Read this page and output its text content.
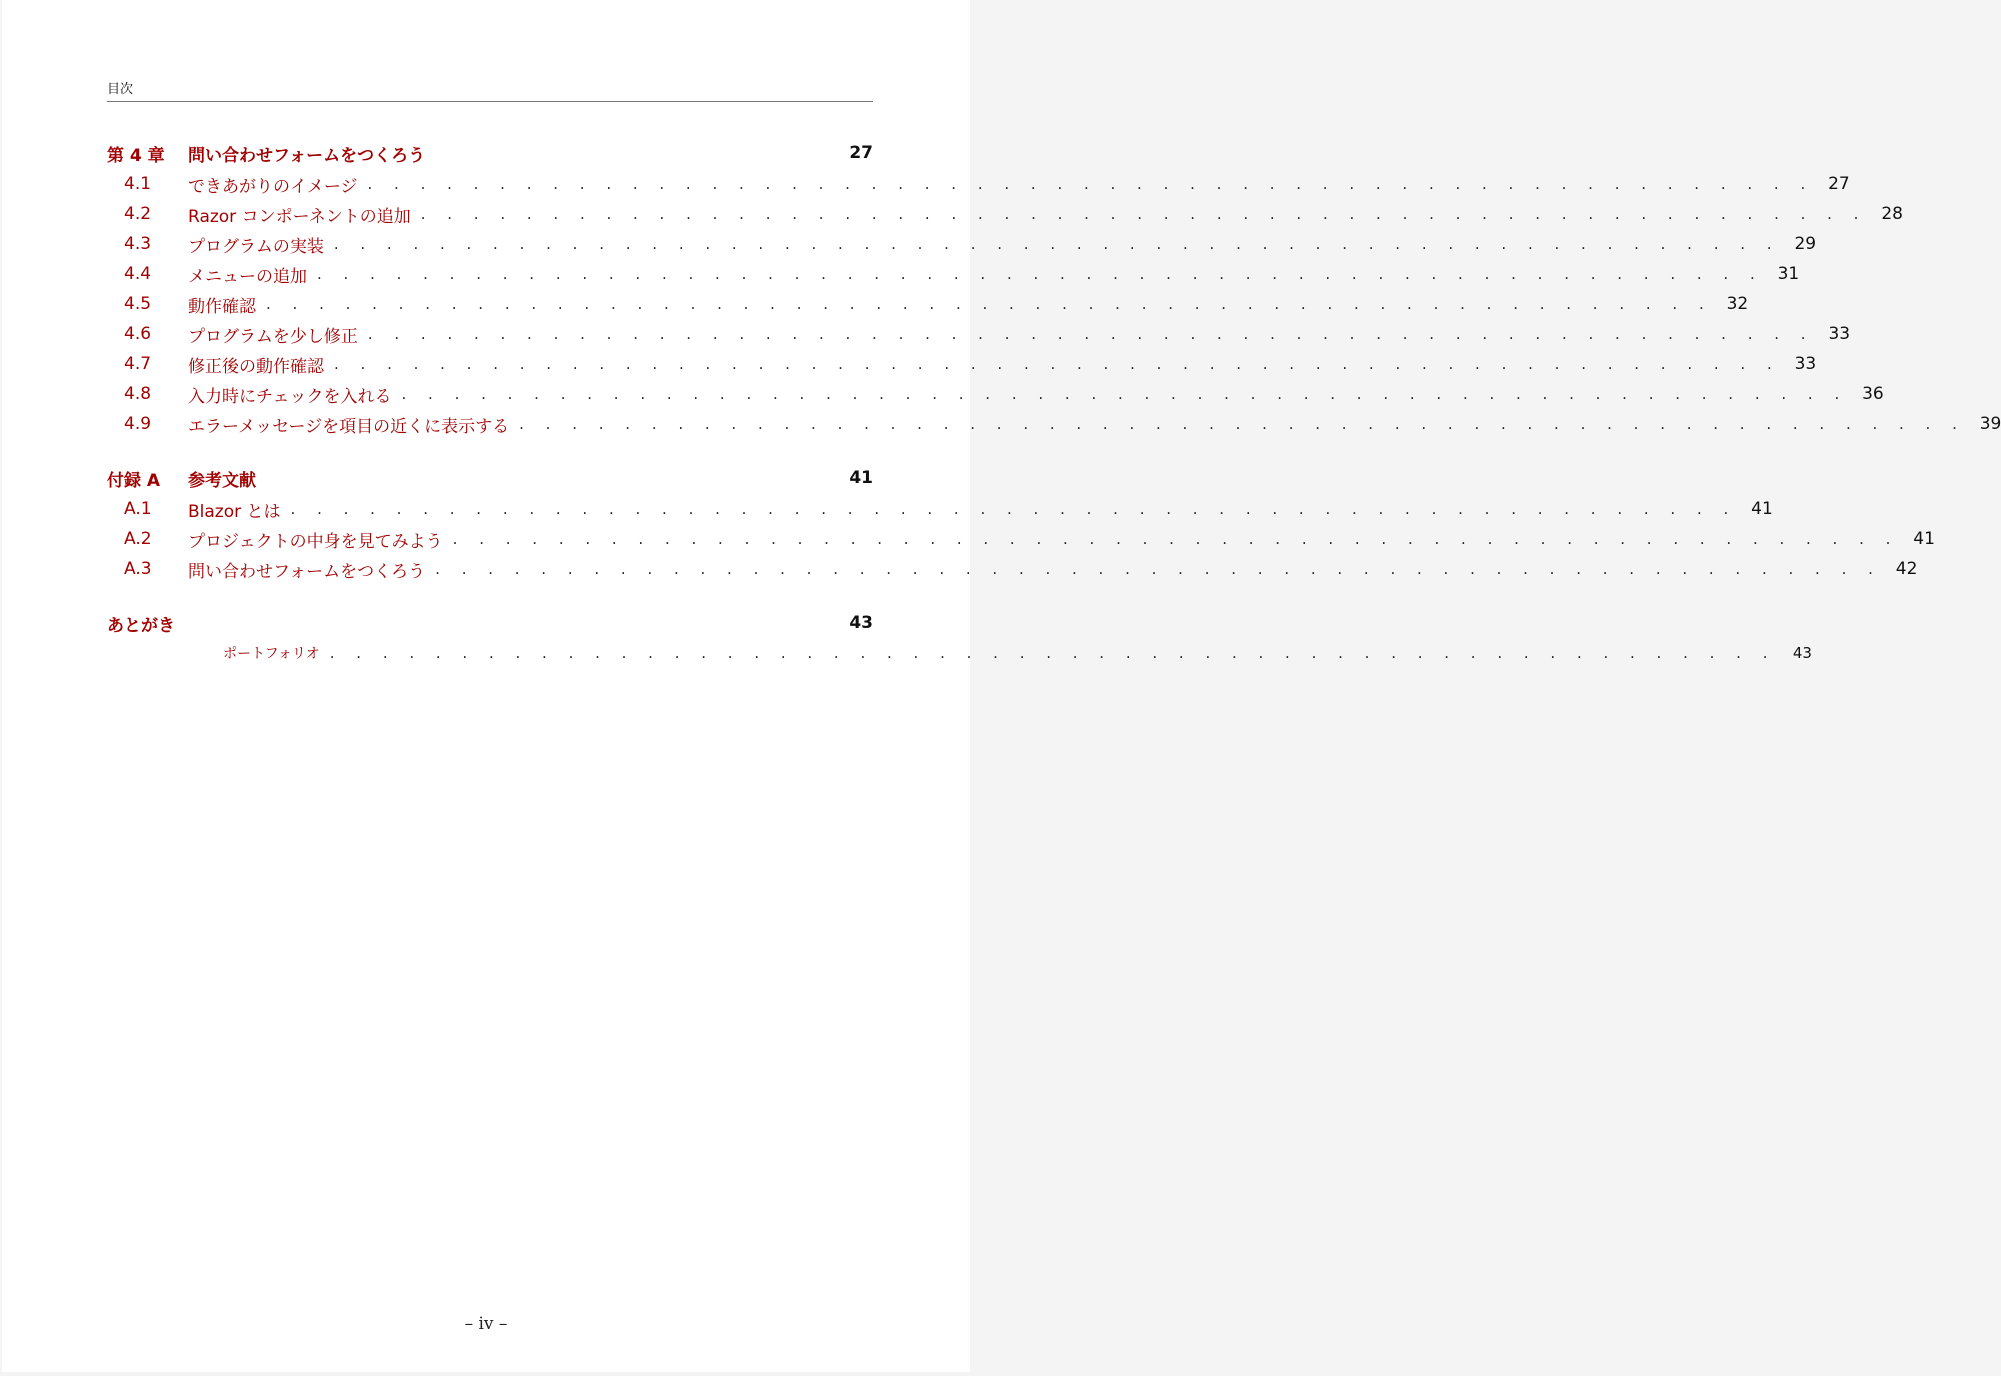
目次
第 4 章	問い合わせフォームをつくろう	27
4.1	できあがりのイメージ . . . . . . . . . . . . . . . . . . . . . . . . . . . . . . . . . . . . . . . . . . . . . . . . . . . . . . . 27
4.2	Razor コンポーネントの追加 . . . . . . . . . . . . . . . . . . . . . . . . . . . . . . . . . . . . . . . . . . . . . . . . . . . . . . . 28
4.3	プログラムの実装 . . . . . . . . . . . . . . . . . . . . . . . . . . . . . . . . . . . . . . . . . . . . . . . . . . . . . . . 29
4.4	メニューの追加 . . . . . . . . . . . . . . . . . . . . . . . . . . . . . . . . . . . . . . . . . . . . . . . . . . . . . . . 31
4.5	動作確認 . . . . . . . . . . . . . . . . . . . . . . . . . . . . . . . . . . . . . . . . . . . . . . . . . . . . . . . 32
4.6	プログラムを少し修正 . . . . . . . . . . . . . . . . . . . . . . . . . . . . . . . . . . . . . . . . . . . . . . . . . . . . . . . 33
4.7	修正後の動作確認 . . . . . . . . . . . . . . . . . . . . . . . . . . . . . . . . . . . . . . . . . . . . . . . . . . . . . . . 33
4.8	入力時にチェックを入れる . . . . . . . . . . . . . . . . . . . . . . . . . . . . . . . . . . . . . . . . . . . . . . . . . . . . . . . 36
4.9	エラーメッセージを項目の近くに表示する . . . . . . . . . . . . . . . . . . . . . . . . . . . . . . . . . . . . . . . . . . . . . . . . . . . . . . . 39
付録 A	参考文献	41
A.1	Blazor とは . . . . . . . . . . . . . . . . . . . . . . . . . . . . . . . . . . . . . . . . . . . . . . . . . . . . . . . 41
A.2	プロジェクトの中身を見てみよう . . . . . . . . . . . . . . . . . . . . . . . . . . . . . . . . . . . . . . . . . . . . . . . . . . . . . . . 41
A.3	問い合わせフォームをつくろう . . . . . . . . . . . . . . . . . . . . . . . . . . . . . . . . . . . . . . . . . . . . . . . . . . . . . . . 42
あとがき	43
ポートフォリオ . . . . . . . . . . . . . . . . . . . . . . . . . . . . . . . . . . . . . . . . . . . . . . . . . . . . . . .	43
– iv –
